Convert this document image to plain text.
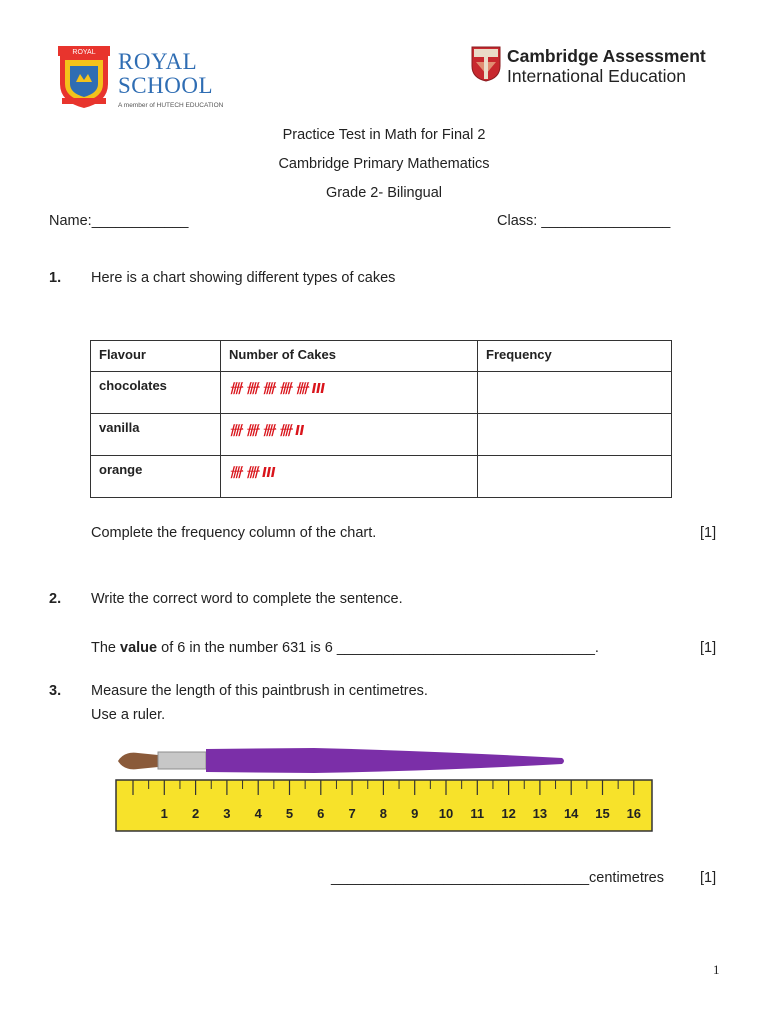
ROYAL ROYAL
SCHOOL
A member of HUTECH EDUCATION
Cambridge Assessment
International Education
Practice Test in Math for Final 2
Cambridge Primary Mathematics
Grade 2- Bilingual
Name:____________	Class: ________________
1. Here is a chart showing different types of cakes
Flavour	Number of Cakes	Frequency
chocolates	卌 卌 卌 卌 卌 III	
vanilla	卌 卌 卌 卌 II	
orange	卌 卌 III	
Complete the frequency column of the chart.	[1]
2. Write the correct word to complete the sentence.
The value of 6 in the number 631 is 6 ________________________________.	[1]
3. Measure the length of this paintbrush in centimetres.
Use a ruler.
1 2 3 4 5 6 7 8 9 10 11 12 13 14 15 16
________________________________centimetres [1]
1
